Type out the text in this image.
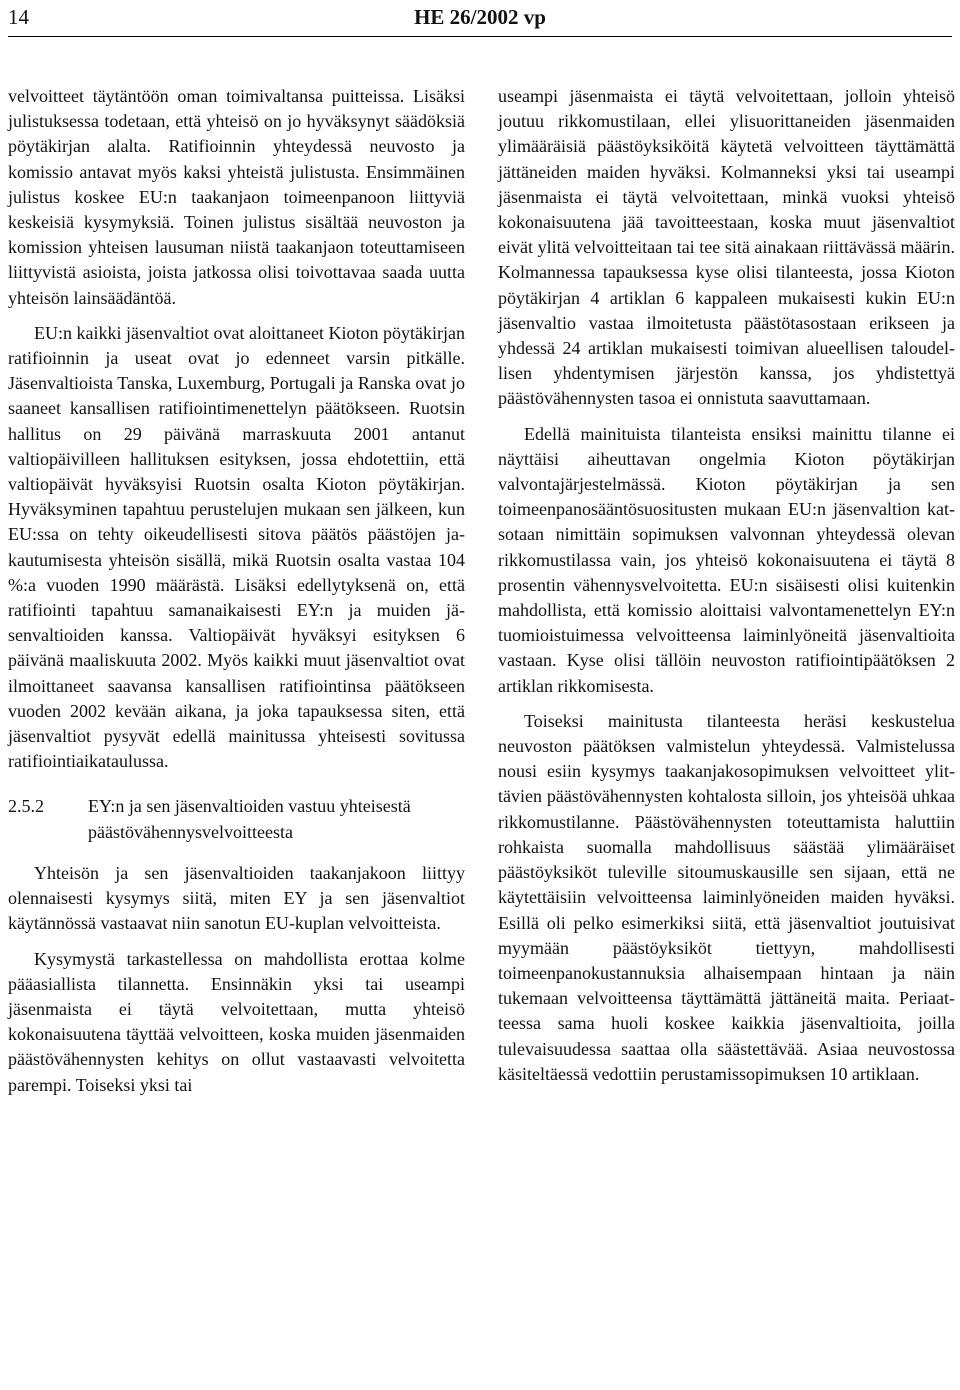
14	HE 26/2002 vp

velvoitteet täytäntöön oman toimivaltansa puitteissa. Lisäksi julistuksessa todetaan, että yhteisö on jo hyväksynyt säädöksiä pöytäkirjan alalta. Ratifioinnin yhteydessä neuvosto ja komissio antavat myös kaksi yhteistä julistusta. Ensimmäinen julistus koskee EU:n taakanjaon toimeenpanoon liittyviä keskeisiä kysymyksiä. Toinen julistus sisältää neuvoston ja komission yhteisen lausuman niistä taakanjaon toteuttamiseen liittyvistä asioista, joista jatkossa olisi toivottavaa saada uutta yhteisön lainsäädäntöä.

EU:n kaikki jäsenvaltiot ovat aloittaneet Kioton pöytäkirjan ratifioinnin ja useat ovat jo edenneet varsin pitkälle. Jäsenvaltioista Tanska, Luxemburg, Portugali ja Ranska ovat jo saaneet kansallisen ratifiointimenettelyn päätökseen. Ruotsin hallitus on 29 päivänä marraskuuta 2001 antanut valtiopäivilleen hallituksen esityksen, jossa ehdotettiin, että valtiopäivät hyväksyisi Ruotsin osalta Kioton pöytäkirjan. Hyväksyminen tapahtuu perustelujen mukaan sen jälkeen, kun EU:ssa on tehty oikeudellisesti sitova päätös päästöjen jakautumisesta yhteisön sisällä, mikä Ruotsin osalta vastaa 104 %:a vuoden 1990 määrästä. Lisäksi edellytyksenä on, että ratifiointi tapahtuu samanaikaisesti EY:n ja muiden jäsenvaltioiden kanssa. Valtiopäivät hyväksyi esityksen 6 päivänä maaliskuuta 2002. Myös kaikki muut jäsenvaltiot ovat ilmoittaneet saavansa kansallisen ratifiointinsa päätökseen vuoden 2002 kevään aikana, ja joka tapauksessa siten, että jäsenvaltiot pysyvät edellä mainitussa yhteisesti sovitussa ratifiointiaikataulussa.

2.5.2	EY:n ja sen jäsenvaltioiden vastuu yhteisestä päästövähennysvelvoitteesta

Yhteisön ja sen jäsenvaltioiden taakanjakoon liittyy olennaisesti kysymys siitä, miten EY ja sen jäsenvaltiot käytännössä vastaavat niin sanotun EU-kuplan velvoitteista.

Kysymystä tarkastellessa on mahdollista erottaa kolme pääasiallista tilannetta. Ensinnäkin yksi tai useampi jäsenmaista ei täytä velvoitettaan, mutta yhteisö kokonaisuutena täyttää velvoitteen, koska muiden jäsenmaiden päästövähennysten kehitys on ollut vastaavasti velvoitetta parempi. Toiseksi yksi tai

useampi jäsenmaista ei täytä velvoitettaan, jolloin yhteisö joutuu rikkomustilaan, ellei ylisuorittaneiden jäsenmaiden ylimääräisiä päästöyksiköitä käytetä velvoitteen täyttämättä jättäneiden maiden hyväksi. Kolmanneksi yksi tai useampi jäsenmaista ei täytä velvoitettaan, minkä vuoksi yhteisö kokonaisuutena jää tavoitteestaan, koska muut jäsenvaltiot eivät ylitä velvoitteitaan tai tee sitä ainakaan riittävässä määrin. Kolmannessa tapauksessa kyse olisi tilanteesta, jossa Kioton pöytäkirjan 4 artiklan 6 kappaleen mukaisesti kukin EU:n jäsenvaltio vastaa ilmoitetusta päästötasostaan erikseen ja yhdessä 24 artiklan mukaisesti toimivan alueellisen taloudellisen yhdentymisen järjestön kanssa, jos yhdistettyä päästövähennysten tasoa ei onnistuta saavuttamaan.

Edellä mainituista tilanteista ensiksi mainittu tilanne ei näyttäisi aiheuttavan ongelmia Kioton pöytäkirjan valvontajärjestelmässä. Kioton pöytäkirjan ja sen toimeenpanosääntösuositusten mukaan EU:n jäsenvaltion katsotaan nimittäin sopimuksen valvonnan yhteydessä olevan rikkomustilassa vain, jos yhteisö kokonaisuutena ei täytä 8 prosentin vähennysvelvoitetta. EU:n sisäisesti olisi kuitenkin mahdollista, että komissio aloittaisi valvontamenettelyn EY:n tuomioistuimessa velvoitteensa laiminlyöneitä jäsenvaltioita vastaan. Kyse olisi tällöin neuvoston ratifiointipäätöksen 2 artiklan rikkomisesta.

Toiseksi mainitusta tilanteesta heräsi keskustelua neuvoston päätöksen valmistelun yhteydessä. Valmistelussa nousi esiin kysymys taakanjakosopimuksen velvoitteet ylittävien päästövähennysten kohtalosta silloin, jos yhteisöä uhkaa rikkomustilanne. Päästövähennysten toteuttamista haluttiin rohkaista suomalla mahdollisuus säästää ylimääräiset päästöyksiköt tuleville sitoumuskausille sen sijaan, että ne käytettäisiin velvoitteensa laiminlyöneiden maiden hyväksi. Esillä oli pelko esimerkiksi siitä, että jäsenvaltiot joutuisivat myymään päästöyksiköt tiettyyn, mahdollisesti toimeenpanokustannuksia alhaisempaan hintaan ja näin tukemaan velvoitteensa täyttämättä jättäneitä maita. Periaatteessa sama huoli koskee kaikkia jäsenvaltioita, joilla tulevaisuudessa saattaa olla säästettävää. Asiaa neuvostossa käsiteltäessä vedottiin perustamissopimuksen 10 artiklaan.
